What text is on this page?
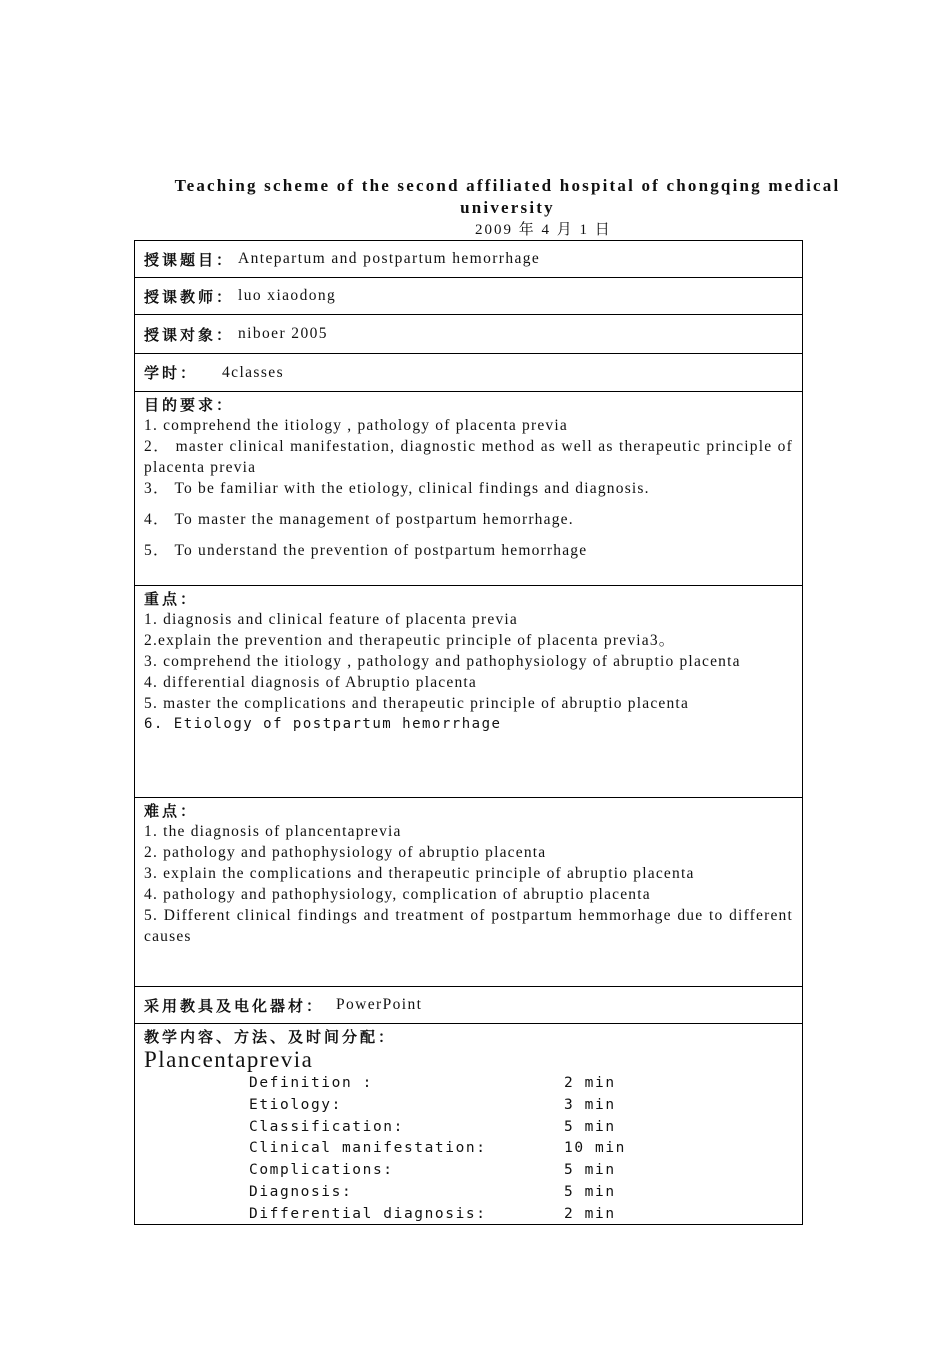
Teaching scheme of the second affiliated hospital of chongqing medical university
2009 年 4 月 1 日
授课题目： Antepartum and postpartum hemorrhage
授课教师： luo xiaodong
授课对象： niboer 2005
学时： 4classes
目的要求：
1. comprehend the itiology , pathology of placenta previa
2． master clinical manifestation, diagnostic method as well as therapeutic principle of placenta previa
3． To be familiar with the etiology, clinical findings and diagnosis.
4． To master the management of postpartum hemorrhage.
5． To understand the prevention of postpartum hemorrhage
重点：
1. diagnosis and clinical feature of placenta previa
2.explain the prevention and therapeutic principle of placenta previa3。
3. comprehend the itiology , pathology and pathophysiology of abruptio placenta
4. differential diagnosis of Abruptio placenta
5. master the complications and therapeutic principle of abruptio placenta
6. Etiology of postpartum hemorrhage
难点：
1. the diagnosis of plancentaprevia
2. pathology and pathophysiology of abruptio placenta
3. explain the complications and therapeutic principle of abruptio placenta
4. pathology and pathophysiology, complication of abruptio placenta
5. Different clinical findings and treatment of postpartum hemmorhage due to different causes
采用教具及电化器材： PowerPoint
教学内容、方法、及时间分配：
Plancentaprevia
Definition :	2 min
Etiology:	3 min
Classification:	5 min
Clinical manifestation:	10 min
Complications:	5 min
Diagnosis:	5 min
Differential diagnosis:	2 min
